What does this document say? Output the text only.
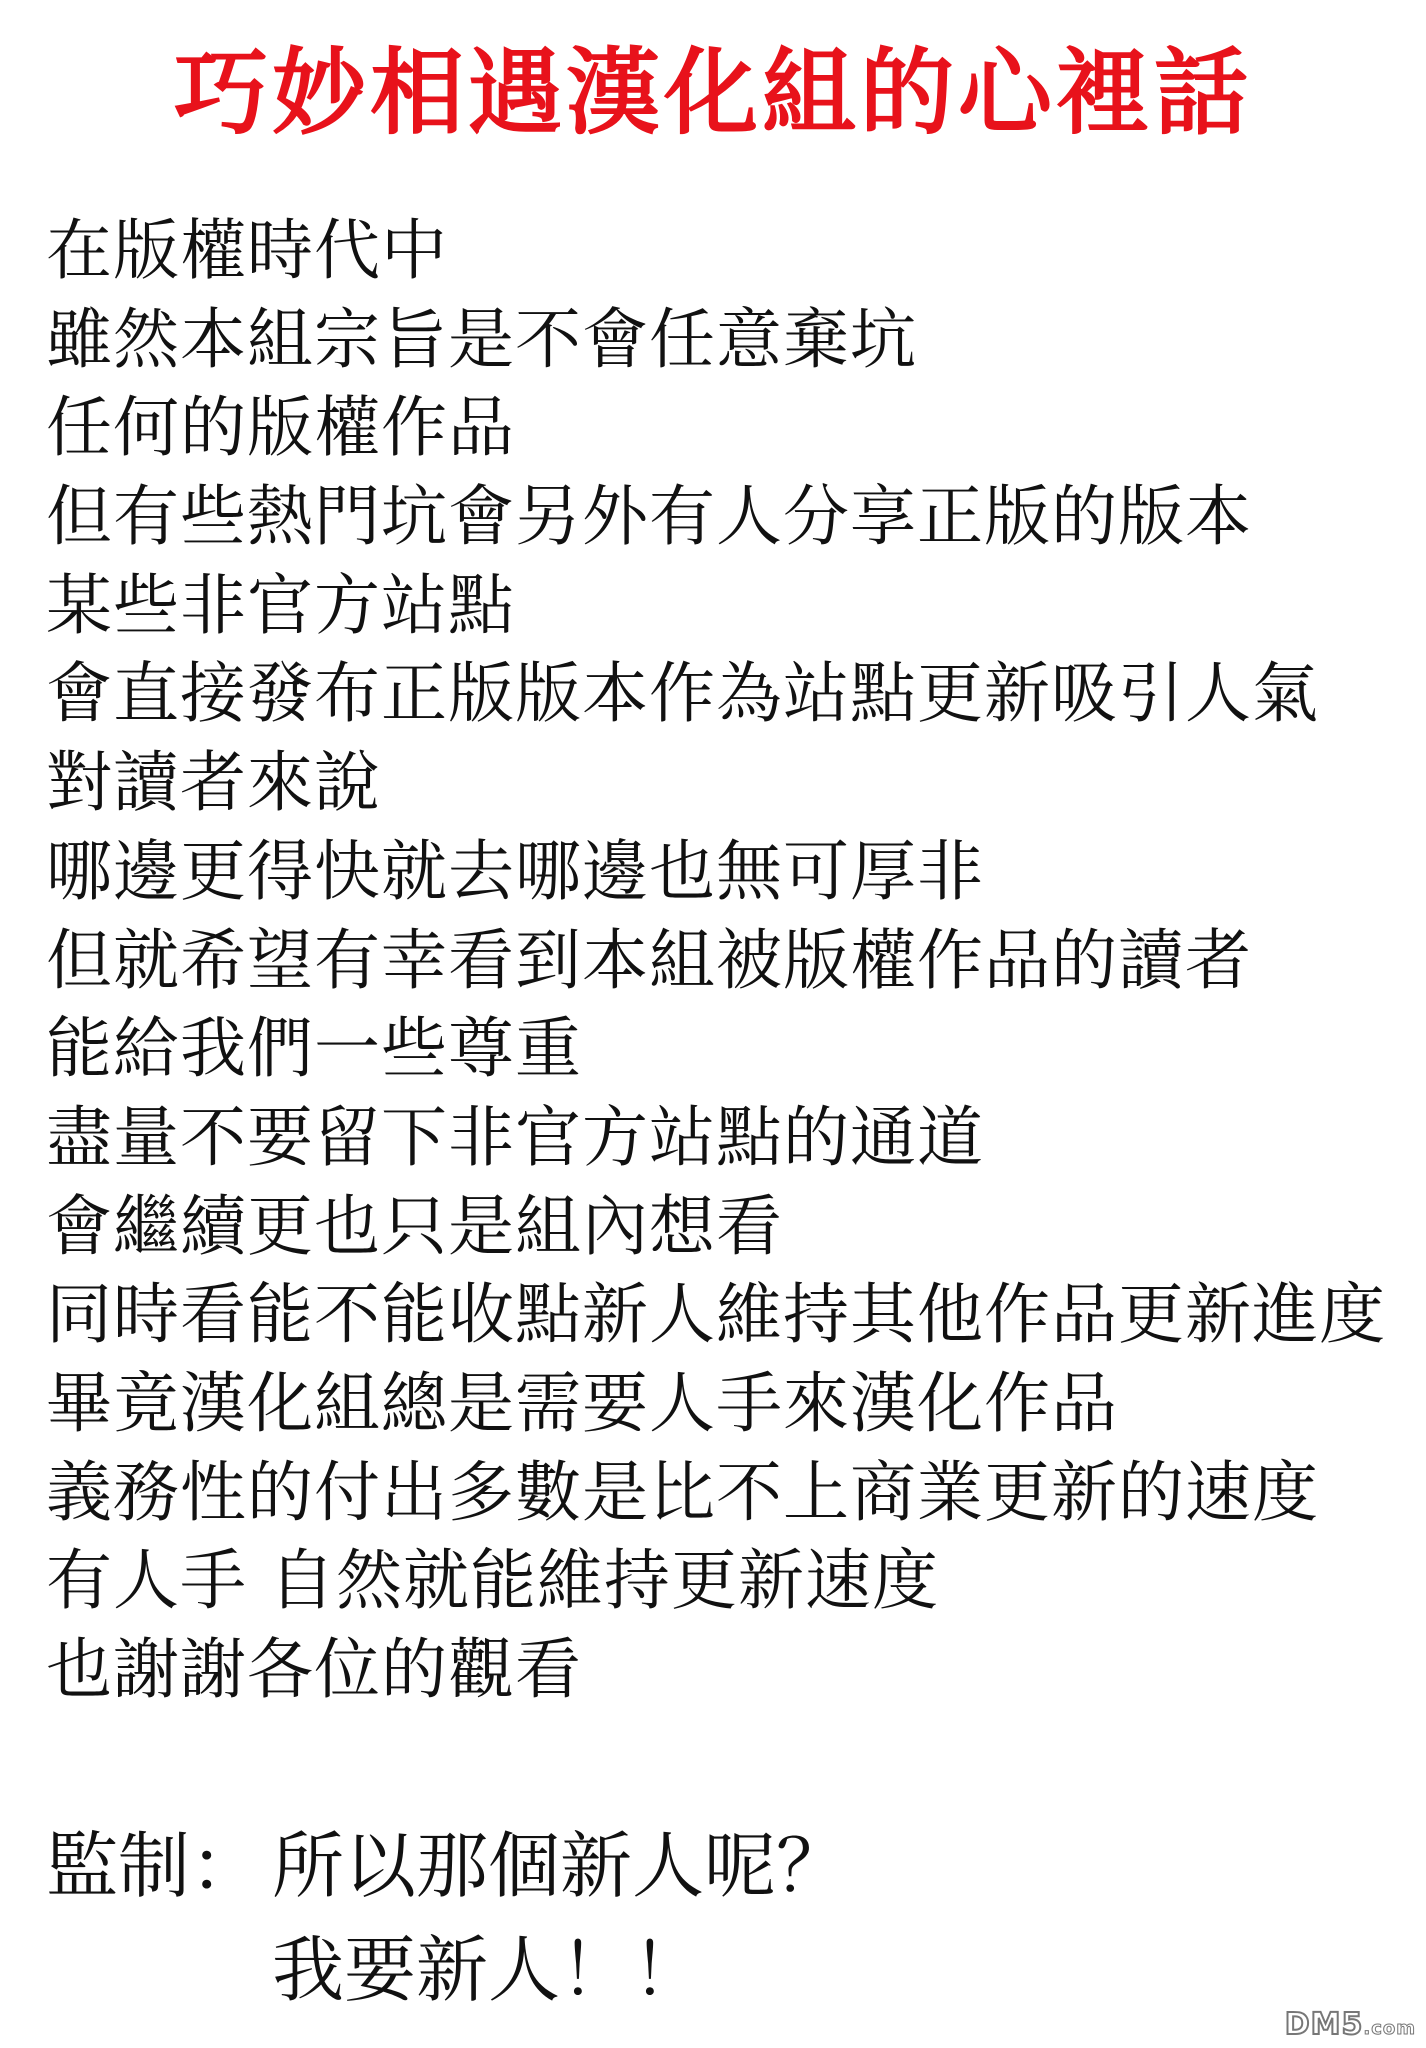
巧妙相遇漢化組的心裡話
在版權時代中
雖然本組宗旨是不會任意棄坑
任何的版權作品
但有些熱門坑會另外有人分享正版的版本
某些非官方站點
會直接發布正版版本作為站點更新吸引人氣
對讀者來說
哪邊更得快就去哪邊也無可厚非
但就希望有幸看到本組被版權作品的讀者
能給我們一些尊重
盡量不要留下非官方站點的通道
會繼續更也只是組內想看
同時看能不能收點新人維持其他作品更新進度
畢竟漢化組總是需要人手來漢化作品
義務性的付出多數是比不上商業更新的速度
有人手 自然就能維持更新速度
也謝謝各位的觀看
監制： 所以那個新人呢？
我要新人！！
DM5.com
